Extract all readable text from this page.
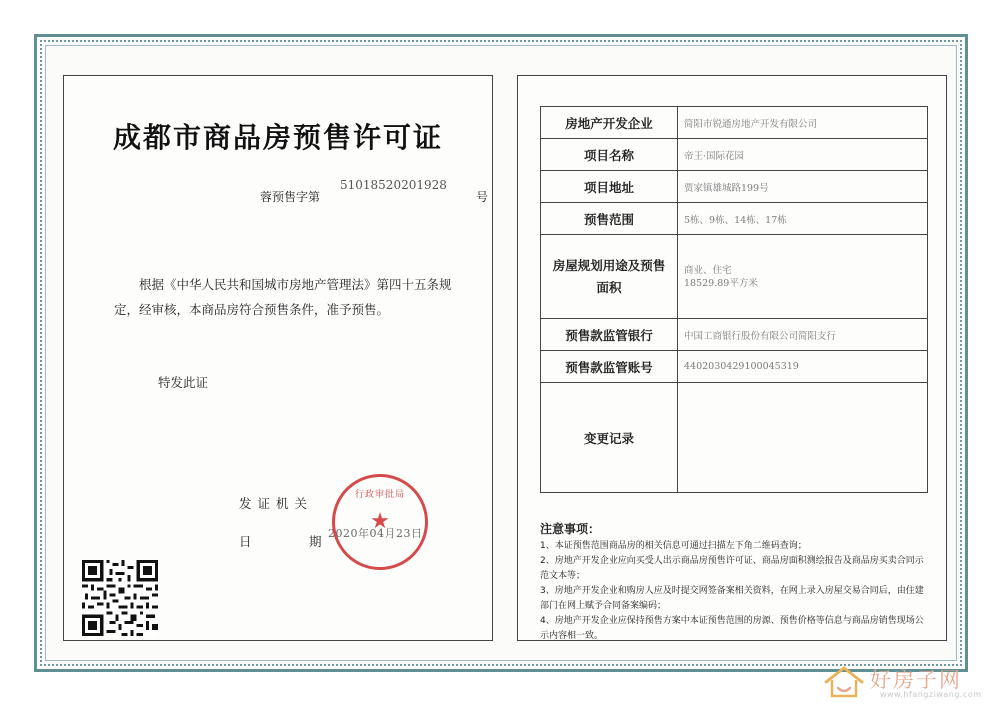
成都市商品房预售许可证
蓉预售字第
51018520201928
号
根据《中华人民共和国城市房地产管理法》第四十五条规定，经审核，本商品房符合预售条件，准予预售。
特发此证
发证机关
日	期
2020年04月23日
行政审批局
★
房地产开发企业	简阳市锐通房地产开发有限公司
项目名称	帝王·国际花园
项目地址	贾家镇雄城路199号
预售范围	5栋、9栋、14栋、17栋
房屋规划用途及预售面积	商业、住宅
18529.89平方米

预售款监管银行	中国工商银行股份有限公司简阳支行
预售款监管账号	4402030429100045319
变更记录	
注意事项：
1、本证预售范围商品房的相关信息可通过扫描左下角二维码查询；
2、房地产开发企业应向买受人出示商品房预售许可证、商品房面积测绘报告及商品房买卖合同示范文本等；
3、房地产开发企业和购房人应及时提交网签备案相关资料，在网上录入房屋交易合同后，由住建部门在网上赋予合同备案编码；
4、房地产开发企业应保持预售方案中本证预售范围的房源、预售价格等信息与商品房销售现场公示内容相一致。
好房子网
www.hfangziwang.com
